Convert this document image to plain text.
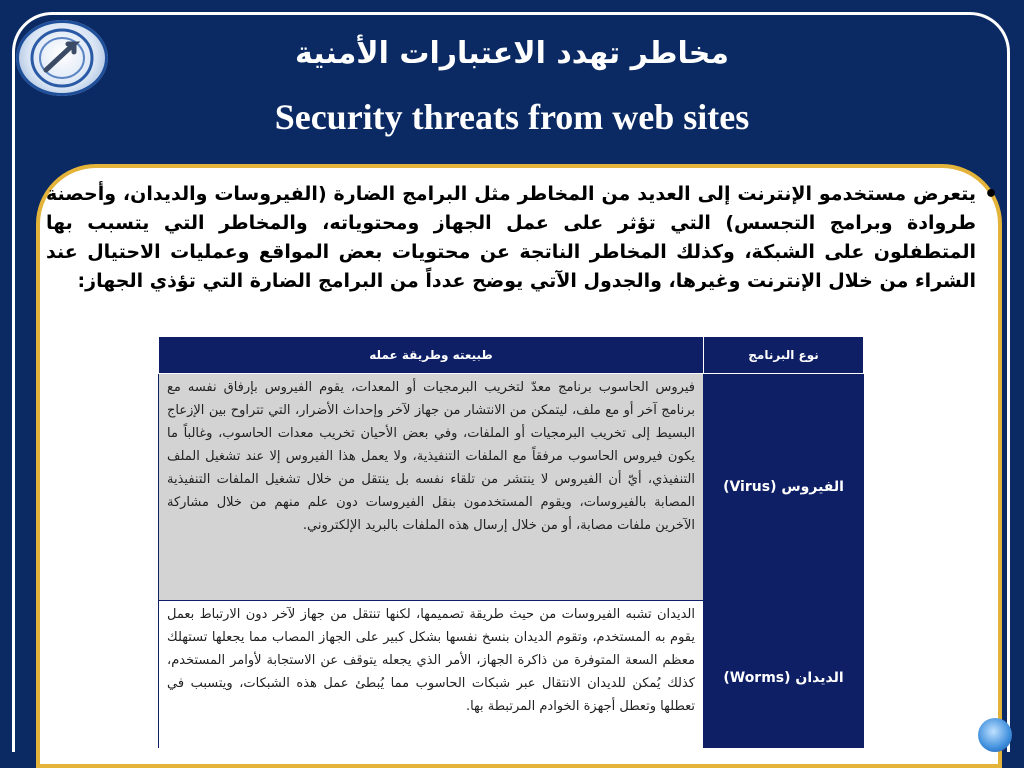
مخاطر تهدد الاعتبارات الأمنية
Security threats from web sites
•
يتعرض مستخدمو الإنترنت إلى العديد من المخاطر مثل البرامج الضارة (الفيروسات والديدان، وأحصنة طروادة وبرامج التجسس) التي تؤثر على عمل الجهاز ومحتوياته، والمخاطر التي يتسبب بها المتطفلون على الشبكة، وكذلك المخاطر الناتجة عن محتويات بعض المواقع وعمليات الاحتيال عند الشراء من خلال الإنترنت وغيرها، والجدول الآتي يوضح عدداً من البرامج الضارة التي تؤذي الجهاز:
نوع البرنامج	طبيعته وطريقة عمله
الفيروس (Virus)	فيروس الحاسوب برنامج معدّ لتخريب البرمجيات أو المعدات، يقوم الفيروس بإرفاق نفسه مع برنامج آخر أو مع ملف، ليتمكن من الانتشار من جهاز لآخر وإحداث الأضرار، التي تتراوح بين الإزعاج البسيط إلى تخريب البرمجيات أو الملفات، وفي بعض الأحيان تخريب معدات الحاسوب، وغالباً ما يكون فيروس الحاسوب مرفقاً مع الملفات التنفيذية، ولا يعمل هذا الفيروس إلا عند تشغيل الملف التنفيذي، أيّ أن الفيروس لا ينتشر من تلقاء نفسه بل ينتقل من خلال تشغيل الملفات التنفيذية المصابة بالفيروسات، ويقوم المستخدمون بنقل الفيروسات دون علم منهم من خلال مشاركة الآخرين ملفات مصابة، أو من خلال إرسال هذه الملفات بالبريد الإلكتروني.
الديدان (Worms)	الديدان تشبه الفيروسات من حيث طريقة تصميمها، لكنها تنتقل من جهاز لآخر دون الارتباط بعمل يقوم به المستخدم، وتقوم الديدان بنسخ نفسها بشكل كبير على الجهاز المصاب مما يجعلها تستهلك معظم السعة المتوفرة من ذاكرة الجهاز، الأمر الذي يجعله يتوقف عن الاستجابة لأوامر المستخدم، كذلك يُمكن للديدان الانتقال عبر شبكات الحاسوب مما يُبطئ عمل هذه الشبكات، ويتسبب في تعطلها وتعطل أجهزة الخوادم المرتبطة بها.
